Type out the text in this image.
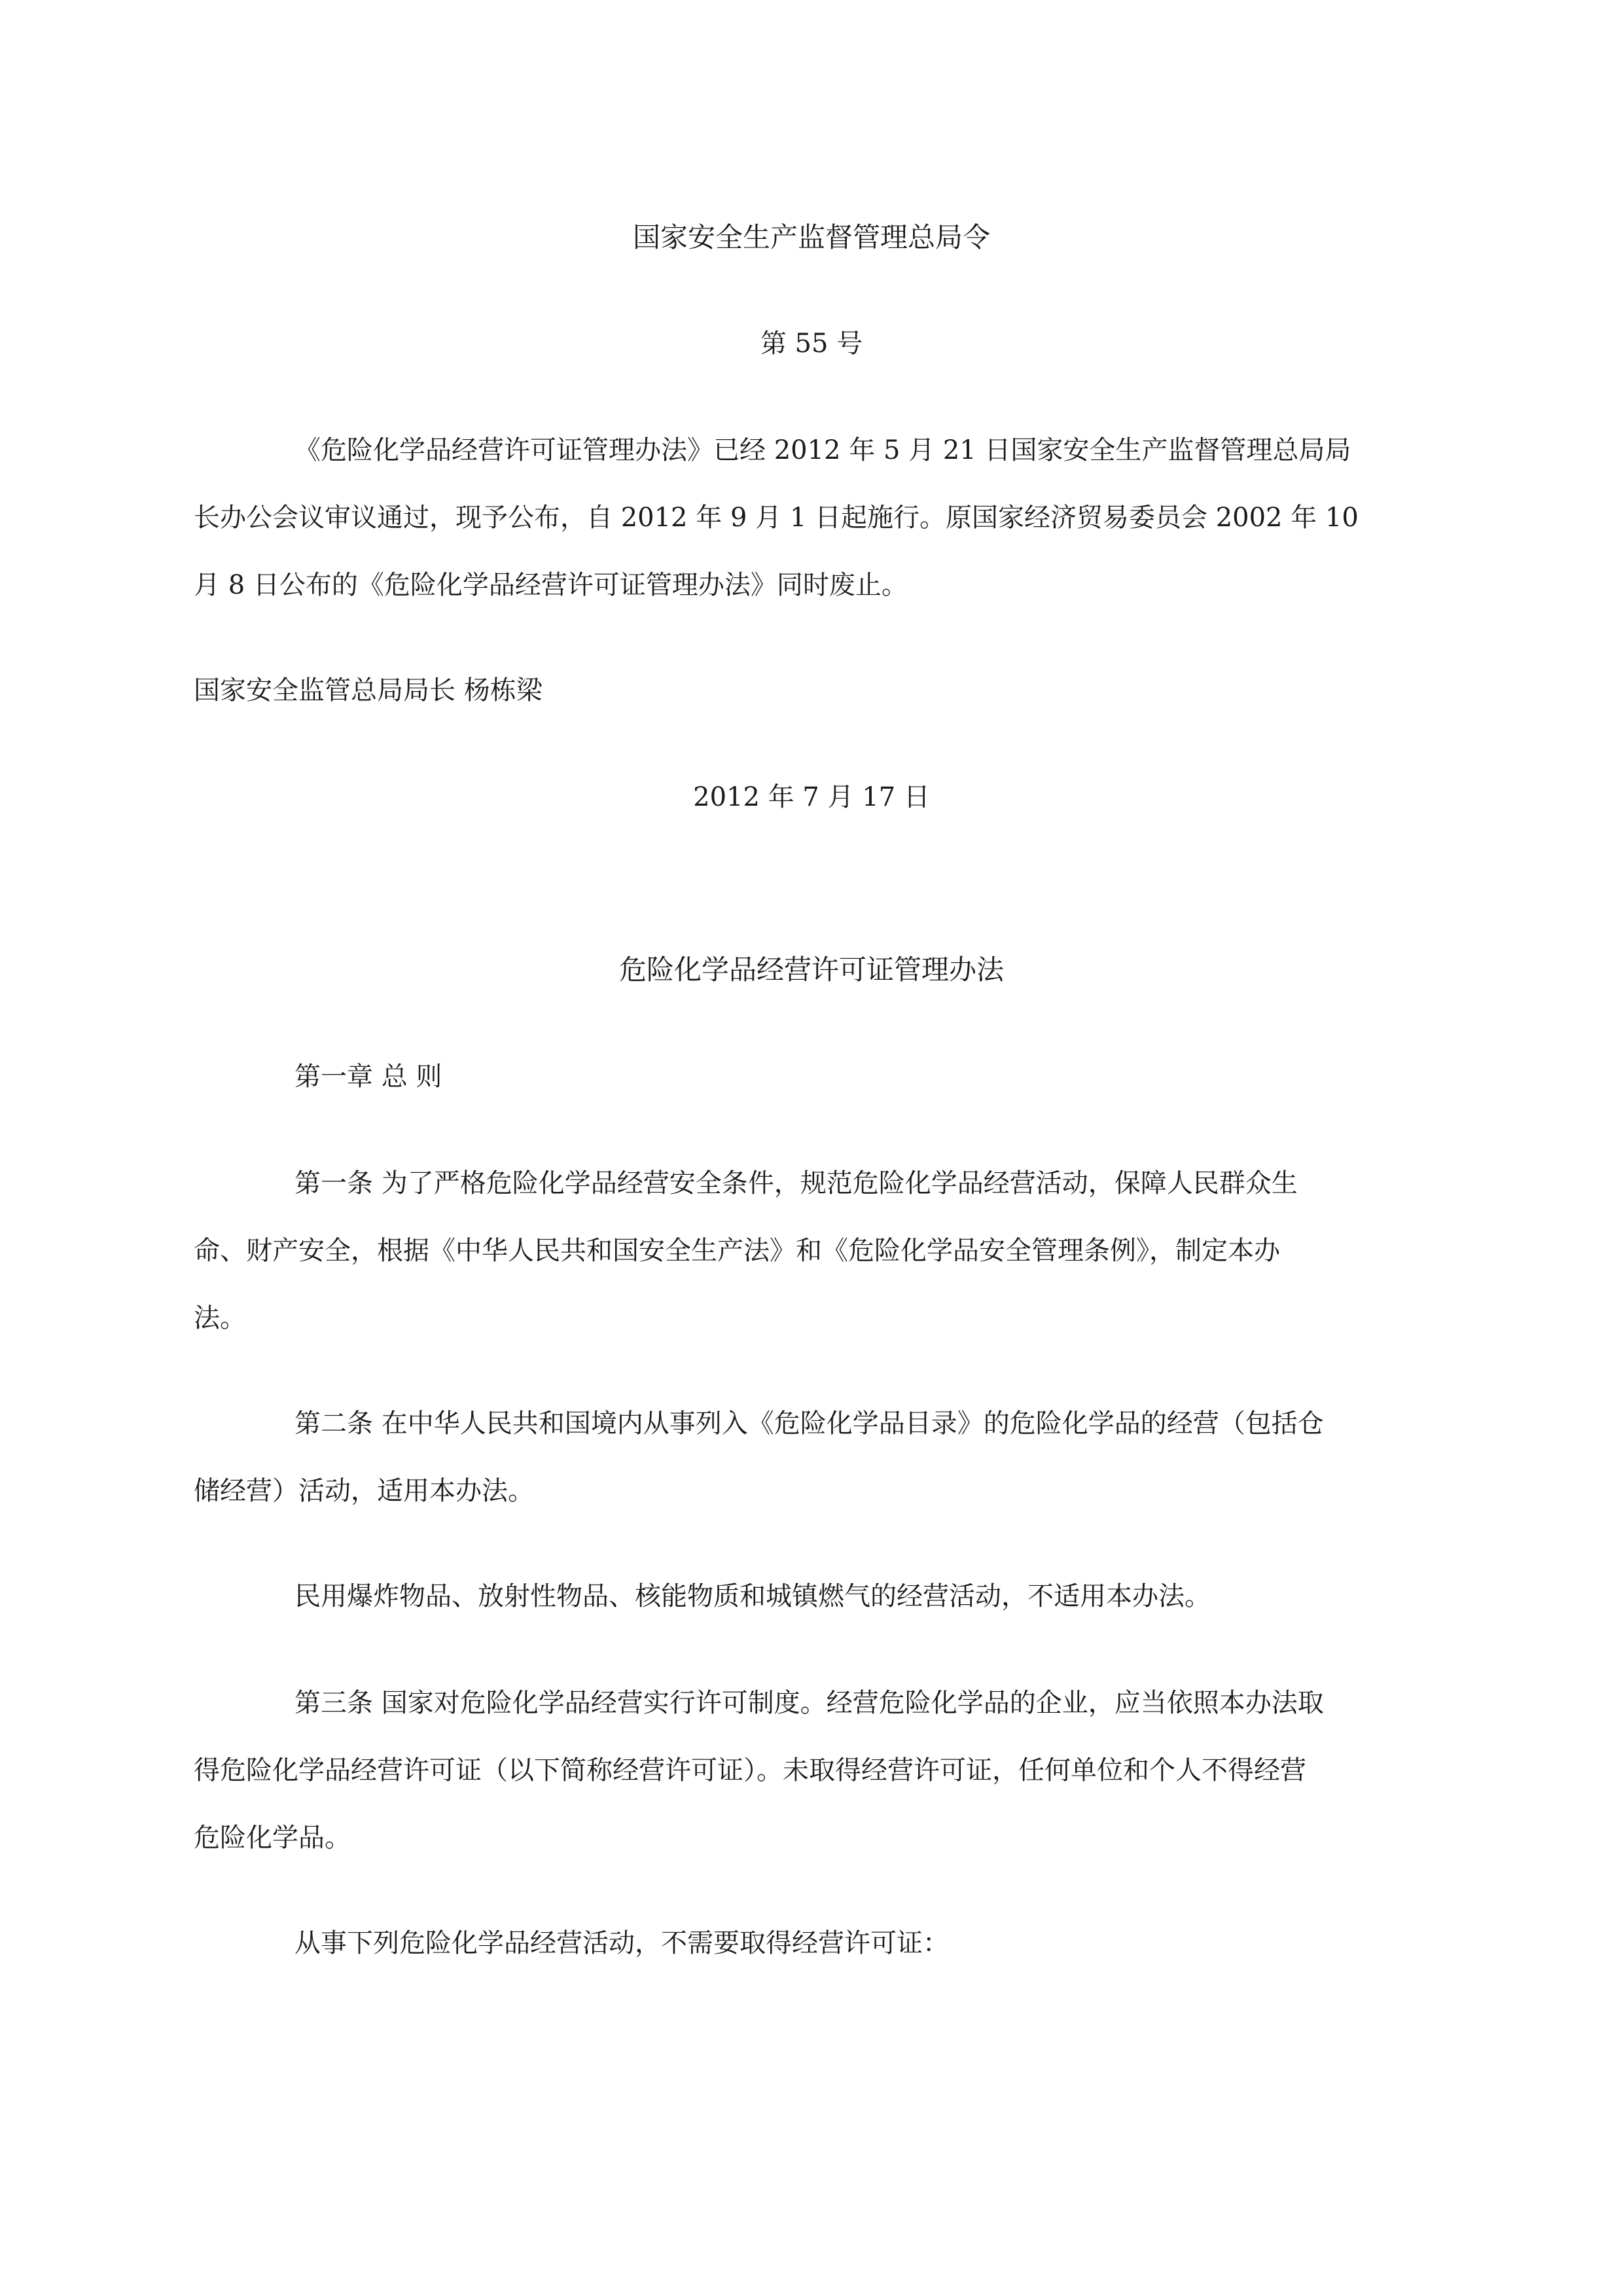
国家安全生产监督管理总局令

第 55 号

《危险化学品经营许可证管理办法》已经 2012 年 5 月 21 日国家安全生产监督管理总局局

长办公会议审议通过，现予公布，自 2012 年 9 月 1 日起施行。原国家经济贸易委员会 2002 年 10

月 8 日公布的《危险化学品经营许可证管理办法》同时废止。

国家安全监管总局局长 杨栋梁

2012 年 7 月 17 日

危险化学品经营许可证管理办法

第一章 总 则

第一条 为了严格危险化学品经营安全条件，规范危险化学品经营活动，保障人民群众生

命、财产安全，根据《中华人民共和国安全生产法》和《危险化学品安全管理条例》，制定本办

法。

第二条 在中华人民共和国境内从事列入《危险化学品目录》的危险化学品的经营（包括仓

储经营）活动，适用本办法。

民用爆炸物品、放射性物品、核能物质和城镇燃气的经营活动，不适用本办法。

第三条 国家对危险化学品经营实行许可制度。经营危险化学品的企业，应当依照本办法取

得危险化学品经营许可证（以下简称经营许可证）。未取得经营许可证，任何单位和个人不得经营

危险化学品。

从事下列危险化学品经营活动，不需要取得经营许可证：
